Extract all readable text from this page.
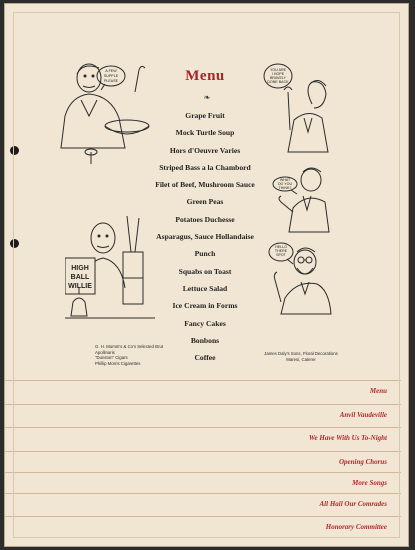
A FEW
SUPPLE
PLEASE
YOU ARE
I HOPE
BRAVELY
DONE BACK
WHAT
DO YOU
THINK?
HIGH
BALL
WILLIE
HELLO
THERE
SPOT
Menu
❧
Grape Fruit
Mock Turtle Soup
Hors d'Oeuvre Varies
Striped Bass a la Chambord
Filet of Beef, Mushroom Sauce
Green Peas
Potatoes Duchesse
Asparagus, Sauce Hollandaise
Punch
Squabs on Toast
Lettuce Salad
Ice Cream in Forms
Fancy Cakes
Bonbons
Coffee
G. H. Mumm's & Co's Selected Brut
Apollinaris
"Dunston" Cigars
Phillip Morris Cigarettes
James Daly's Sons, Floral Decorations
Maresi, Caterer
Menu
Anvil Vaudeville
We Have With Us To-Night
Opening Chorus
More Songs
All Hail Our Comrades
Honorary Committee
